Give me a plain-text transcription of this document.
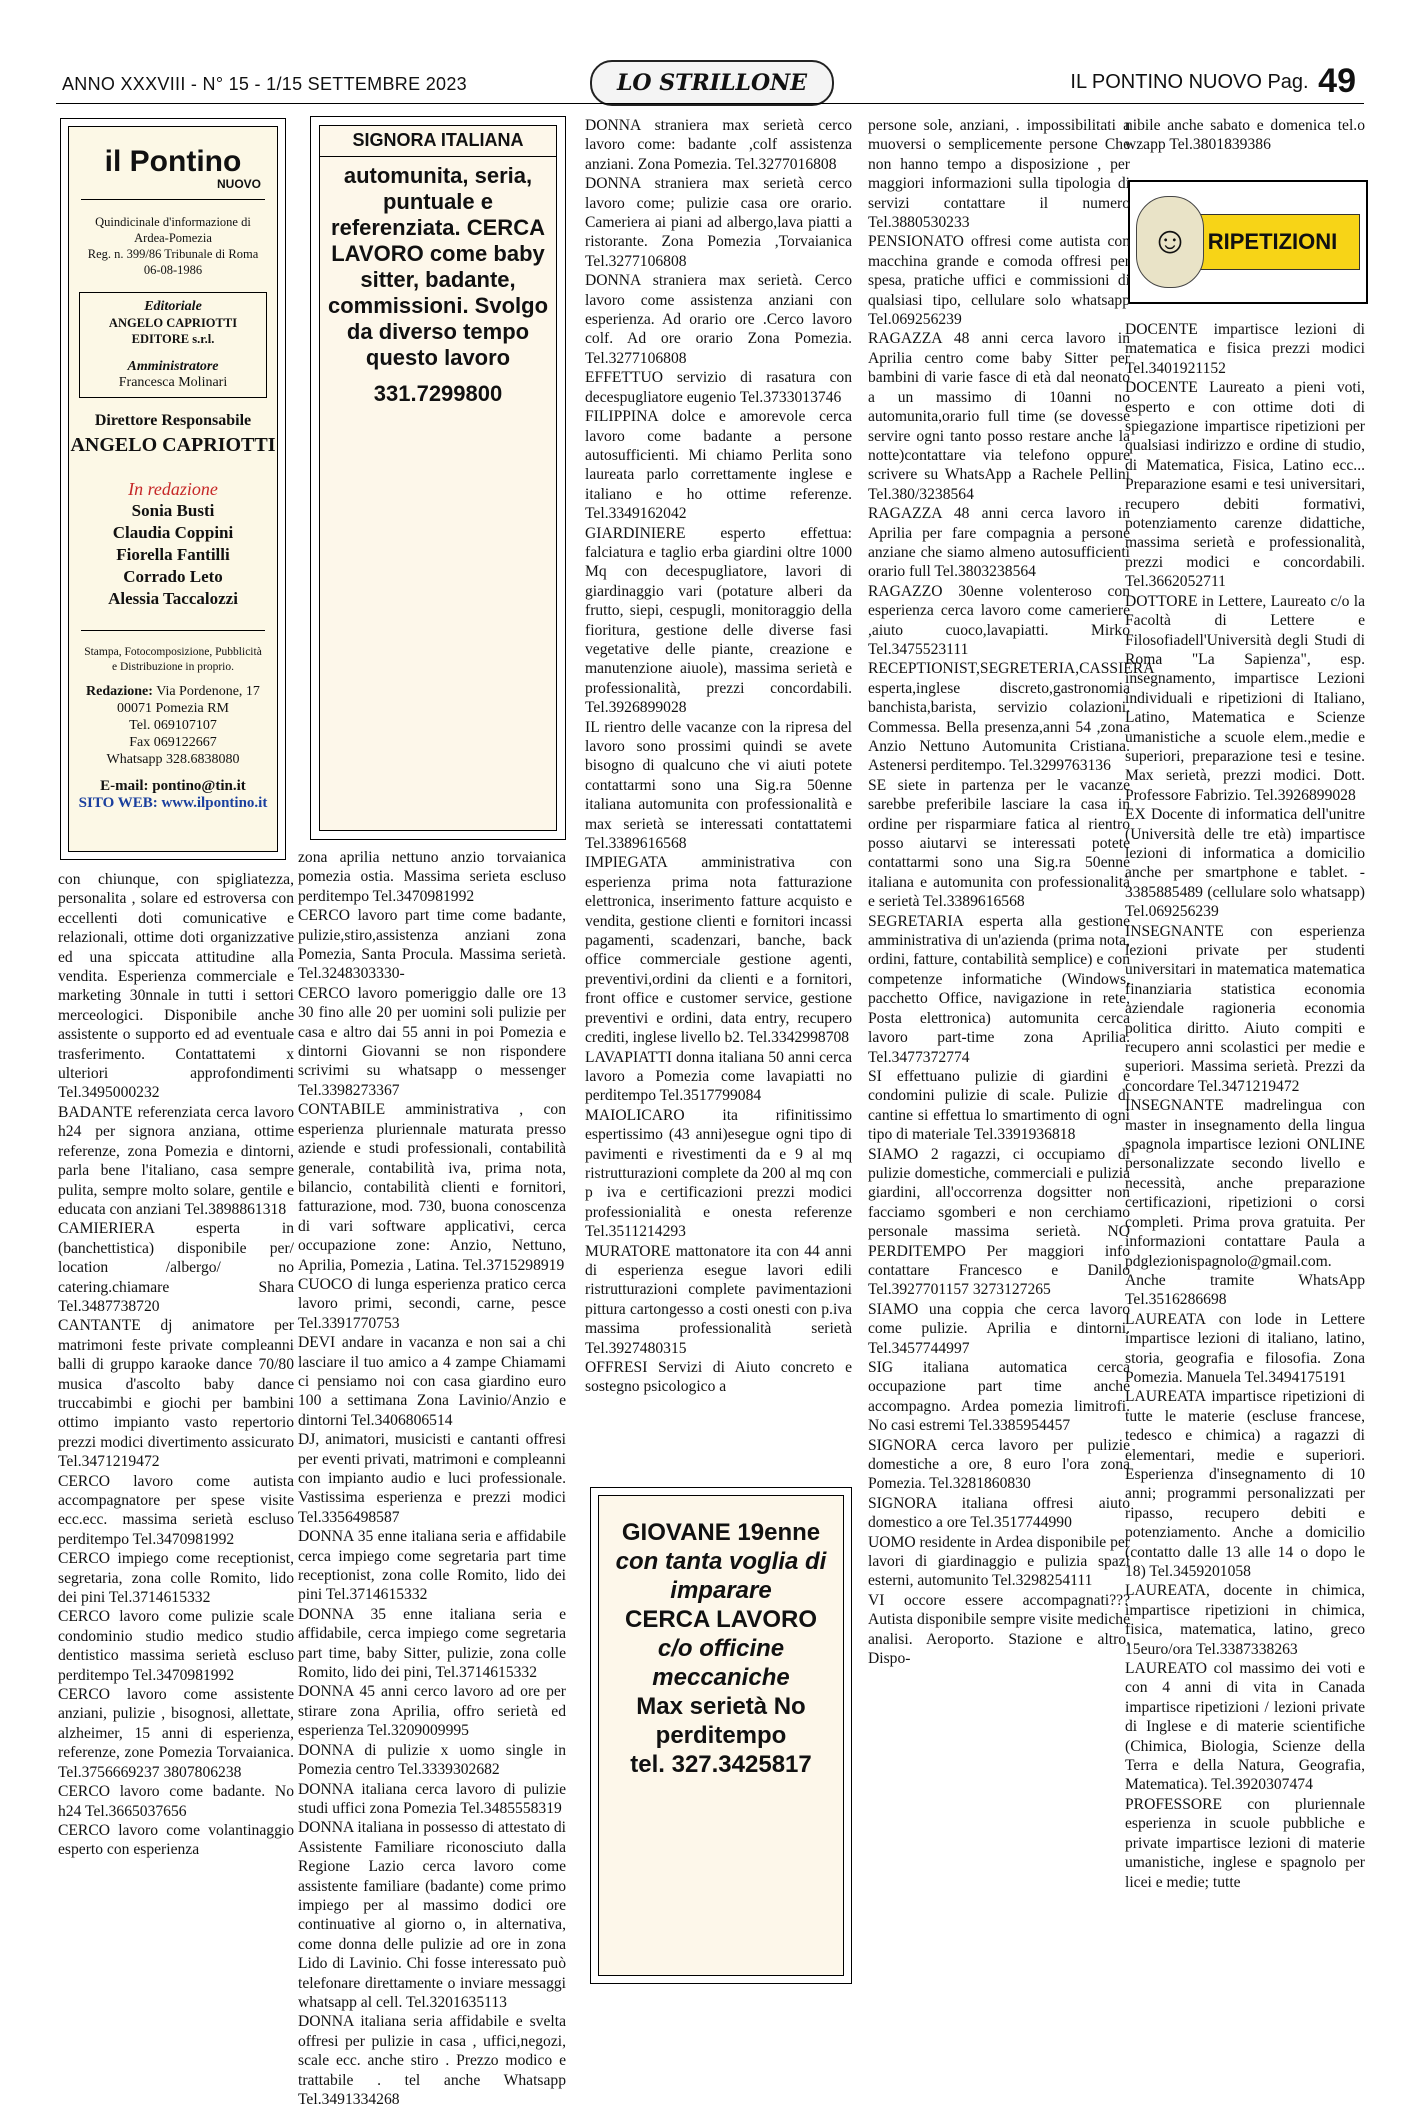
ANNO XXXVIII - N° 15 - 1/15 SETTEMBRE 2023	LO STRILLONE	IL PONTINO NUOVO Pag. 49
il Pontino
NUOVO
Quindicinale d'informazione di Ardea-Pomezia
Reg. n. 399/86 Tribunale di Roma
06-08-1986
Editoriale
ANGELO CAPRIOTTI EDITORE s.r.l.
Amministratore
Francesca Molinari
Direttore Responsabile
ANGELO CAPRIOTTI
In redazione
Sonia Busti
Claudia Coppini
Fiorella Fantilli
Corrado Leto
Alessia Taccalozzi
Stampa, Fotocomposizione, Pubblicità e Distribuzione in proprio.
Redazione: Via Pordenone, 17
00071 Pomezia RM
Tel. 069107107
Fax 069122667
Whatsapp 328.6838080
E-mail: pontino@tin.it
SITO WEB: www.ilpontino.it
SIGNORA ITALIANA
automunita, seria, puntuale e referenziata. CERCA LAVORO come baby sitter, badante, commissioni. Svolgo da diverso tempo questo lavoro
331.7299800
GIOVANE 19enne
con tanta voglia di imparare
CERCA LAVORO
c/o officine meccaniche
Max serietà No perditempo
tel. 327.3425817
RIPETIZIONI
☺

con chiunque, con spigliatezza, personalita , solare ed estroversa con eccellenti doti comunicative e relazionali, ottime doti organizzative ed una spiccata attitudine alla vendita. Esperienza commerciale e marketing 30nnale in tutti i settori merceologici. Disponibile anche assistente o supporto ed ad eventuale trasferimento. Contattatemi x ulteriori approfondimenti Tel.3495000232

BADANTE referenziata cerca lavoro h24 per signora anziana, ottime referenze, zona Pomezia e dintorni, parla bene l'italiano, casa sempre pulita, sempre molto solare, gentile e educata con anziani Tel.3898861318

CAMIERIERA esperta in (banchettistica) disponibile per/ location /albergo/ no catering.chiamare Shara Tel.3487738720

CANTANTE dj animatore per matrimoni feste private compleanni balli di gruppo karaoke dance 70/80 musica d'ascolto baby dance truccabimbi e giochi per bambini ottimo impianto vasto repertorio prezzi modici divertimento assicurato Tel.3471219472

CERCO lavoro come autista accompagnatore per spese visite ecc.ecc. massima serietà escluso perditempo Tel.3470981992

CERCO impiego come receptionist, segretaria, zona colle Romito, lido dei pini Tel.3714615332

CERCO lavoro come pulizie scale condominio studio medico studio dentistico massima serietà escluso perditempo Tel.3470981992

CERCO lavoro come assistente anziani, pulizie , bisognosi, allettate, alzheimer, 15 anni di esperienza, referenze, zone Pomezia Torvaianica. Tel.3756669237 3807806238

CERCO lavoro come badante. No h24 Tel.3665037656

CERCO lavoro come volantinaggio esperto con esperienza

zona aprilia nettuno anzio torvaianica pomezia ostia. Massima serieta escluso perditempo Tel.3470981992

CERCO lavoro part time come badante, pulizie,stiro,assistenza anziani zona Pomezia, Santa Procula. Massima serietà. Tel.3248303330-

CERCO lavoro pomeriggio dalle ore 13 30 fino alle 20 per uomini soli pulizie per casa e altro dai 55 anni in poi Pomezia e dintorni Giovanni se non rispondere scrivimi su whatsapp o messenger Tel.3398273367

CONTABILE amministrativa , con esperienza pluriennale maturata presso aziende e studi professionali, contabilità generale, contabilità iva, prima nota, bilancio, contabilità clienti e fornitori, fatturazione, mod. 730, buona conoscenza di vari software applicativi, cerca occupazione zone: Anzio, Nettuno, Aprilia, Pomezia , Latina. Tel.3715298919

CUOCO di lunga esperienza pratico cerca lavoro primi, secondi, carne, pesce Tel.3391770753

DEVI andare in vacanza e non sai a chi lasciare il tuo amico a 4 zampe Chiamami ci pensiamo noi con casa giardino euro 100 a settimana Zona Lavinio/Anzio e dintorni Tel.3406806514

DJ, animatori, musicisti e cantanti offresi per eventi privati, matrimoni e compleanni con impianto audio e luci professionale. Vastissima esperienza e prezzi modici Tel.3356498587

DONNA 35 enne italiana seria e affidabile cerca impiego come segretaria part time receptionist, zona colle Romito, lido dei pini Tel.3714615332

DONNA 35 enne italiana seria e affidabile, cerca impiego come segretaria part time, baby Sitter, pulizie, zona colle Romito, lido dei pini, Tel.3714615332

DONNA 45 anni cerco lavoro ad ore per stirare zona Aprilia, offro serietà ed esperienza Tel.3209009995

DONNA di pulizie x uomo single in Pomezia centro Tel.3339302682

DONNA italiana cerca lavoro di pulizie studi uffici zona Pomezia Tel.3485558319

DONNA italiana in possesso di attestato di Assistente Familiare riconosciuto dalla Regione Lazio cerca lavoro come assistente familiare (badante) come primo impiego per al massimo dodici ore continuative al giorno o, in alternativa, come donna delle pulizie ad ore in zona Lido di Lavinio. Chi fosse interessato può telefonare direttamente o inviare messaggi whatsapp al cell. Tel.3201635113

DONNA italiana seria affidabile e svelta offresi per pulizie in casa , uffici,negozi, scale ecc. anche stiro . Prezzo modico e trattabile . tel anche Whatsapp Tel.3491334268

DONNA straniera max serietà cerco lavoro come: badante ,colf assistenza anziani. Zona Pomezia. Tel.3277016808

DONNA straniera max serietà cerco lavoro come; pulizie casa ore orario. Cameriera ai piani ad albergo,lava piatti a ristorante. Zona Pomezia ,Torvaianica Tel.3277106808

DONNA straniera max serietà. Cerco lavoro come assistenza anziani con esperienza. Ad orario ore .Cerco lavoro colf. Ad ore orario Zona Pomezia. Tel.3277106808

EFFETTUO servizio di rasatura con decespugliatore eugenio Tel.3733013746

FILIPPINA dolce e amorevole cerca lavoro come badante a persone autosufficienti. Mi chiamo Perlita sono laureata parlo correttamente inglese e italiano e ho ottime referenze. Tel.3349162042

GIARDINIERE esperto effettua: falciatura e taglio erba giardini oltre 1000 Mq con decespugliatore, lavori di giardinaggio vari (potature alberi da frutto, siepi, cespugli, monitoraggio della fioritura, gestione delle diverse fasi vegetative delle piante, creazione e manutenzione aiuole), massima serietà e professionalità, prezzi concordabili. Tel.3926899028

IL rientro delle vacanze con la ripresa del lavoro sono prossimi quindi se avete bisogno di qualcuno che vi aiuti potete contattarmi sono una Sig.ra 50enne italiana automunita con professionalità e max serietà se interessati contattatemi Tel.3389616568

IMPIEGATA amministrativa con esperienza prima nota fatturazione elettronica, inserimento fatture acquisto e vendita, gestione clienti e fornitori incassi pagamenti, scadenzari, banche, back office commerciale gestione agenti, preventivi,ordini da clienti e a fornitori, front office e customer service, gestione preventivi e ordini, data entry, recupero crediti, inglese livello b2. Tel.3342998708

LAVAPIATTI donna italiana 50 anni cerca lavoro a Pomezia come lavapiatti no perditempo Tel.3517799084

MAIOLICARO ita rifinitissimo espertissimo (43 anni)esegue ogni tipo di pavimenti e rivestimenti da e 9 al mq ristrutturazioni complete da 200 al mq con p iva e certificazioni prezzi modici professionialità e onesta referenze Tel.3511214293

MURATORE mattonatore ita con 44 anni di esperienza esegue lavori edili ristrutturazioni complete pavimentazioni pittura cartongesso a costi onesti con p.iva massima professionalità serietà Tel.3927480315

OFFRESI Servizi di Aiuto concreto e sostegno psicologico a

persone sole, anziani, . impossibilitati a muoversi o semplicemente persone Che non hanno tempo a disposizione , per maggiori informazioni sulla tipologia di servizi contattare il numero Tel.3880530233

PENSIONATO offresi come autista con macchina grande e comoda offresi per spesa, pratiche uffici e commissioni di qualsiasi tipo, cellulare solo whatsapp Tel.069256239

RAGAZZA 48 anni cerca lavoro in Aprilia centro come baby Sitter per bambini di varie fasce di età dal neonato a un massimo di 10anni no automunita,orario full time (se dovesse servire ogni tanto posso restare anche la notte)contattare via telefono oppure scrivere su WhatsApp a Rachele Pellini Tel.380/3238564

RAGAZZA 48 anni cerca lavoro in Aprilia per fare compagnia a persone anziane che siamo almeno autosufficienti orario full Tel.3803238564

RAGAZZO 30enne volenteroso con esperienza cerca lavoro come cameriere ,aiuto cuoco,lavapiatti. Mirko Tel.3475523111

RECEPTIONIST,SEGRETERIA,CASSIERA esperta,inglese discreto,gastronomia banchista,barista, servizio colazioni. Commessa. Bella presenza,anni 54 ,zona Anzio Nettuno Automunita Cristiana. Astenersi perditempo. Tel.3299763136

SE siete in partenza per le vacanze sarebbe preferibile lasciare la casa in ordine per risparmiare fatica al rientro posso aiutarvi se interessati potete contattarmi sono una Sig.ra 50enne italiana e automunita con professionalità e serietà Tel.3389616568

SEGRETARIA esperta alla gestione amministrativa di un'azienda (prima nota, ordini, fatture, contabilità semplice) e con competenze informatiche (Windows, pacchetto Office, navigazione in rete, Posta elettronica) automunita cerca lavoro part-time zona Aprilia. Tel.3477372774

SI effettuano pulizie di giardini e condomini pulizie di scale. Pulizie di cantine si effettua lo smartimento di ogni tipo di materiale Tel.3391936818

SIAMO 2 ragazzi, ci occupiamo di pulizie domestiche, commerciali e pulizia giardini, all'occorrenza dogsitter non facciamo sgomberi e non cerchiamo personale massima serietà. NO PERDITEMPO Per maggiori info contattare Francesco e Danilo Tel.3927701157 3273127265

SIAMO una coppia che cerca lavoro come pulizie. Aprilia e dintorni. Tel.3457744997

SIG italiana automatica cerca occupazione part time anche accompagno. Ardea pomezia limitrofi. No casi estremi Tel.3385954457

SIGNORA cerca lavoro per pulizie domestiche a ore, 8 euro l'ora zona Pomezia. Tel.3281860830

SIGNORA italiana offresi aiuto domestico a ore Tel.3517744990

UOMO residente in Ardea disponibile per lavori di giardinaggio e pulizia spazi esterni, automunito Tel.3298254111

VI occore essere accompagnati??? Autista disponibile sempre visite mediche analisi. Aeroporto. Stazione e altro. Dispo-

nibile anche sabato e domenica tel.o wzapp Tel.3801839386

DOCENTE impartisce lezioni di matematica e fisica prezzi modici Tel.3401921152

DOCENTE Laureato a pieni voti, esperto e con ottime doti di spiegazione impartisce ripetizioni per qualsiasi indirizzo e ordine di studio, di Matematica, Fisica, Latino ecc... Preparazione esami e tesi universitari, recupero debiti formativi, potenziamento carenze didattiche, massima serietà e professionalità, prezzi modici e concordabili. Tel.3662052711

DOTTORE in Lettere, Laureato c/o la Facoltà di Lettere e Filosofiadell'Università degli Studi di Roma "La Sapienza", esp. insegnamento, impartisce Lezioni individuali e ripetizioni di Italiano, Latino, Matematica e Scienze umanistiche a scuole elem.,medie e superiori, preparazione tesi e tesine. Max serietà, prezzi modici. Dott. Professore Fabrizio. Tel.3926899028

EX Docente di informatica dell'unitre (Università delle tre età) impartisce lezioni di informatica a domicilio anche per smartphone e tablet. - 3385885489 (cellulare solo whatsapp) Tel.069256239

INSEGNANTE con esperienza lezioni private per studenti universitari in matematica matematica finanziaria statistica economia aziendale ragioneria economia politica diritto. Aiuto compiti e recupero anni scolastici per medie e superiori. Massima serietà. Prezzi da concordare Tel.3471219472

INSEGNANTE madrelingua con master in insegnamento della lingua spagnola impartisce lezioni ONLINE personalizzate secondo livello e necessità, anche preparazione certificazioni, ripetizioni o corsi completi. Prima prova gratuita. Per informazioni contattare Paula a pdglezionispagnolo@gmail.com. Anche tramite WhatsApp Tel.3516286698

LAUREATA con lode in Lettere impartisce lezioni di italiano, latino, storia, geografia e filosofia. Zona Pomezia. Manuela Tel.3494175191

LAUREATA impartisce ripetizioni di tutte le materie (escluse francese, tedesco e chimica) a ragazzi di elementari, medie e superiori. Esperienza d'insegnamento di 10 anni; programmi personalizzati per ripasso, recupero debiti e potenziamento. Anche a domicilio (contatto dalle 13 alle 14 o dopo le 18) Tel.3459201058

LAUREATA, docente in chimica, impartisce ripetizioni in chimica, fisica, matematica, latino, greco 15euro/ora Tel.3387338263

LAUREATO col massimo dei voti e con 4 anni di vita in Canada impartisce ripetizioni / lezioni private di Inglese e di materie scientifiche (Chimica, Biologia, Scienze della Terra e della Natura, Geografia, Matematica). Tel.3920307474

PROFESSORE con pluriennale esperienza in scuole pubbliche e private impartisce lezioni di materie umanistiche, inglese e spagnolo per licei e medie; tutte
